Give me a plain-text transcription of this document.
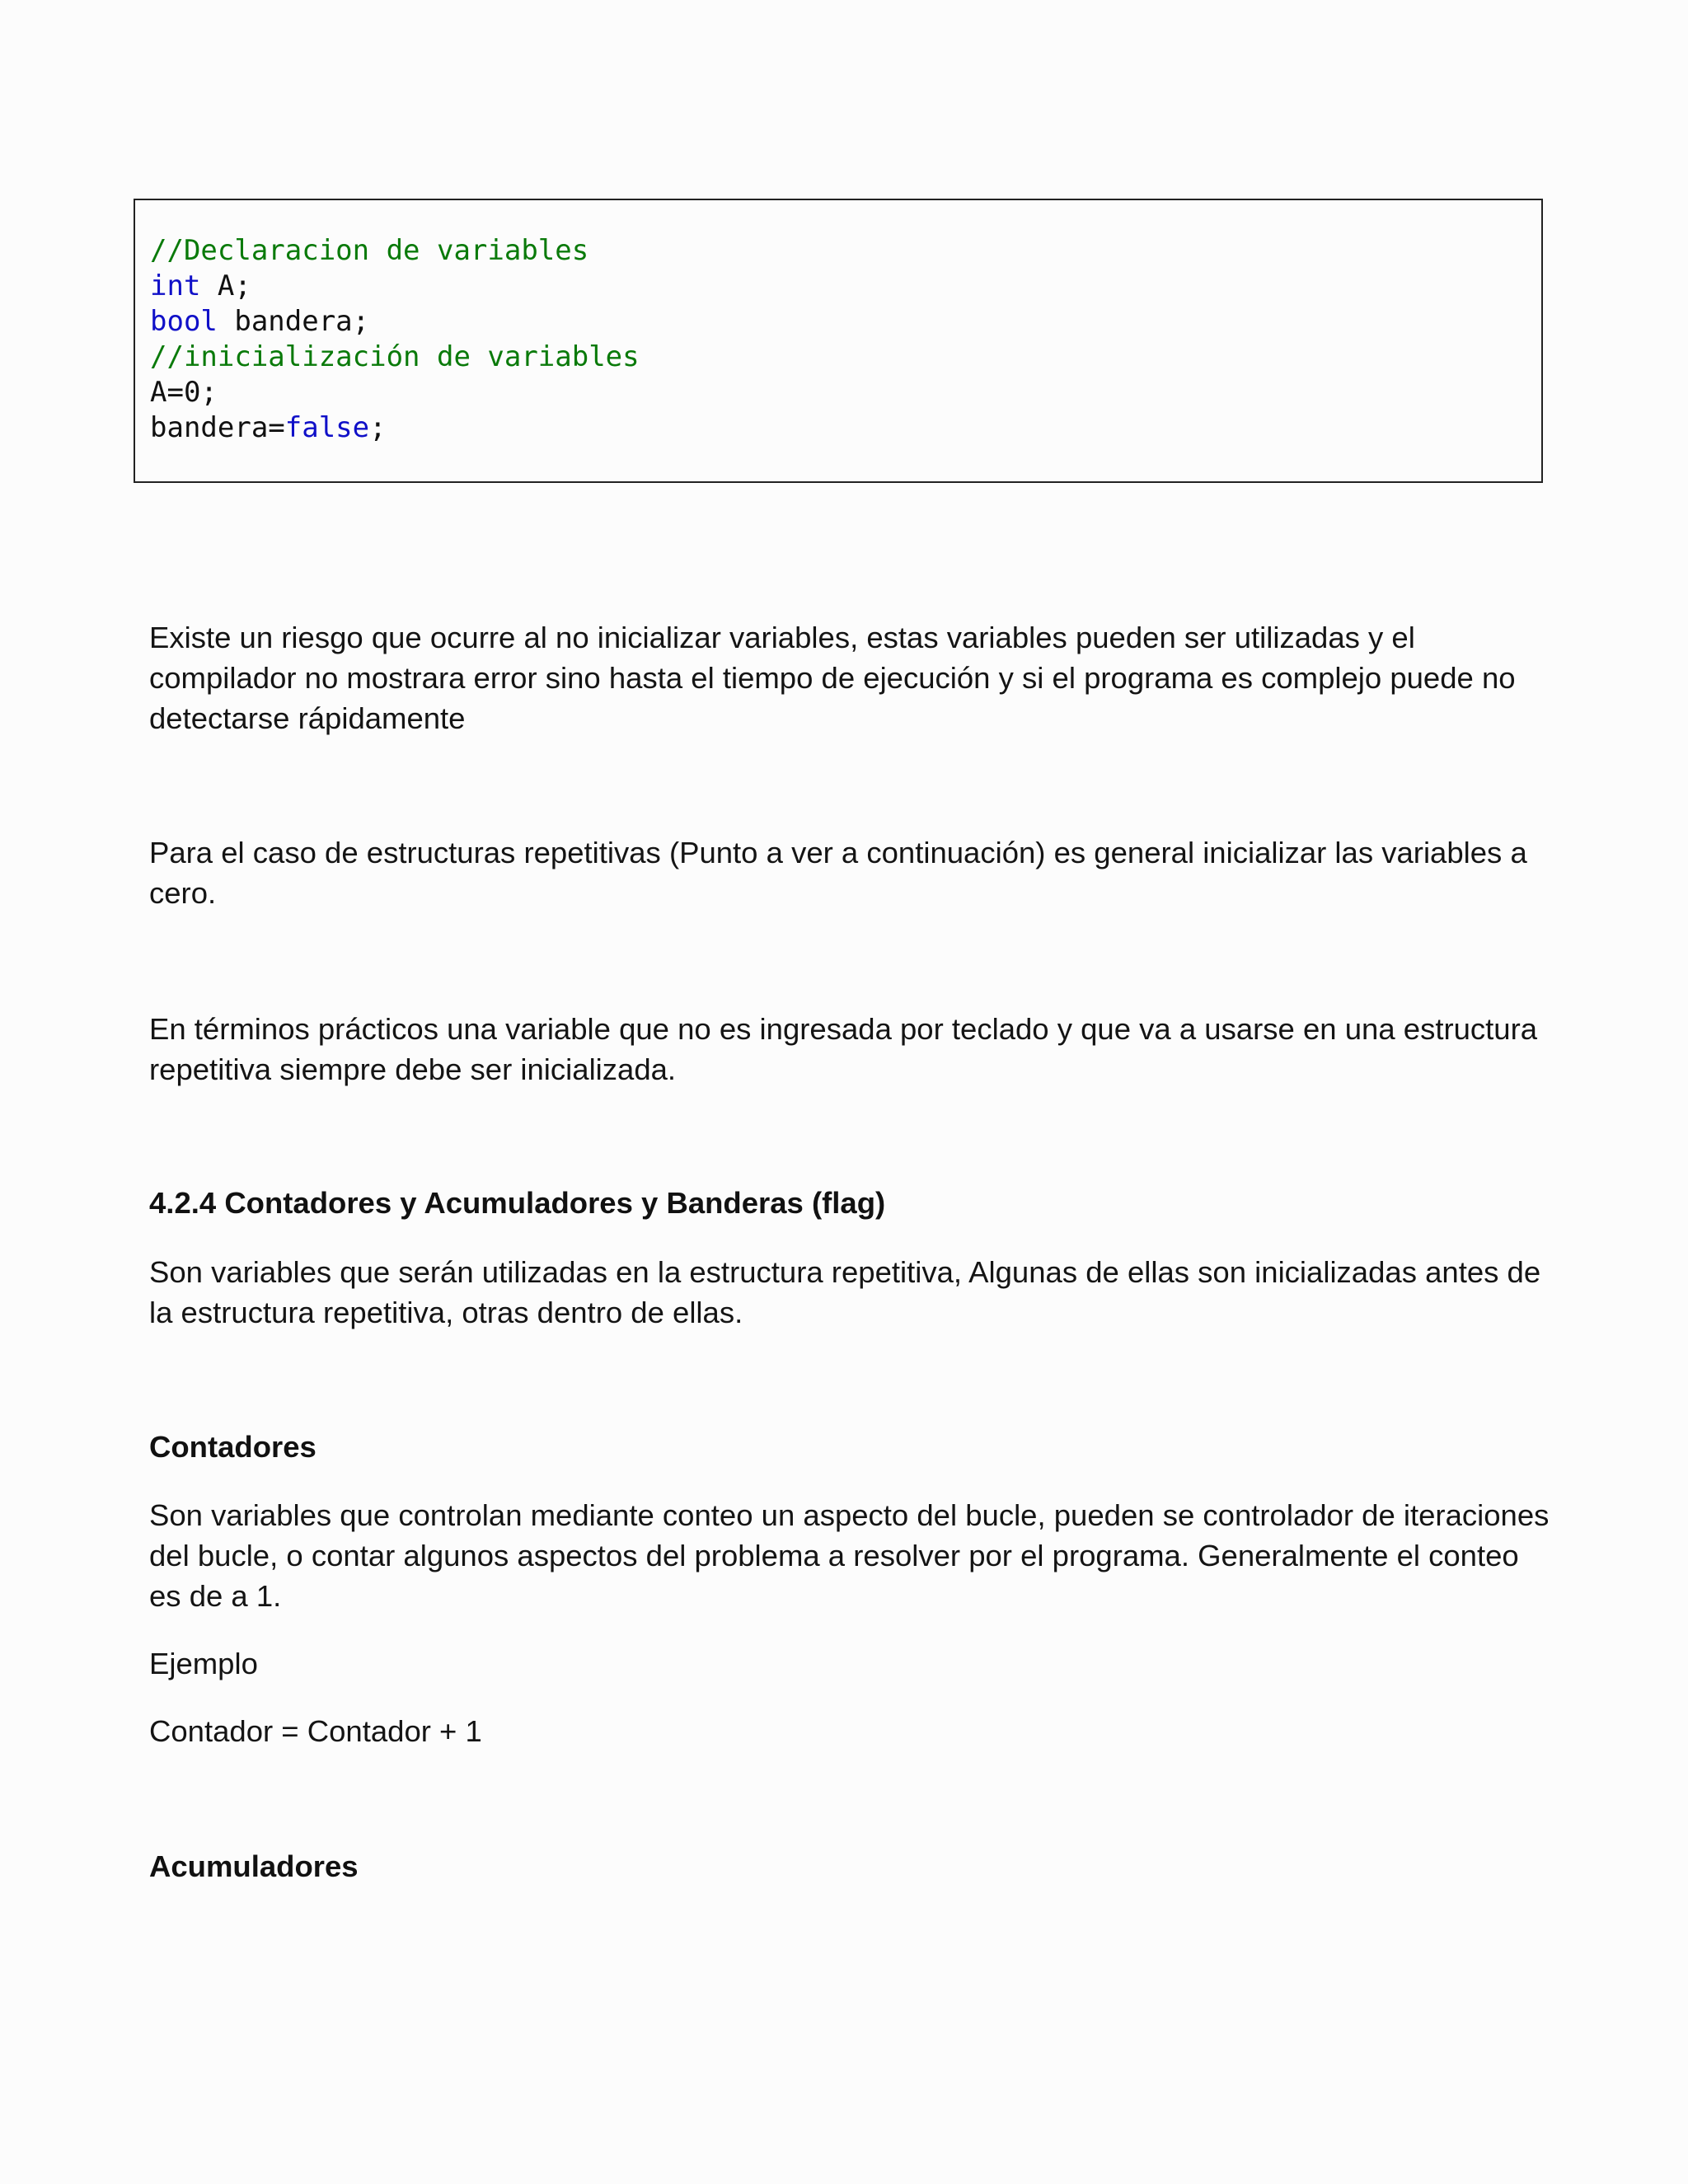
//Declaracion de variables
int A;
bool bandera;
//inicialización de variables
A=0;
bandera=false;

Existe un riesgo que ocurre al no inicializar variables, estas variables pueden ser utilizadas y el compilador no mostrara error sino hasta el tiempo de ejecución y si el programa es complejo puede no detectarse rápidamente

Para el caso de estructuras repetitivas (Punto a ver a continuación) es general inicializar las variables a cero.

En términos prácticos una variable que no es ingresada por teclado y que va a usarse en una estructura repetitiva siempre debe ser inicializada.

4.2.4 Contadores y Acumuladores y Banderas (flag)

Son variables que serán utilizadas en la estructura repetitiva, Algunas de ellas son inicializadas antes de la estructura repetitiva, otras dentro de ellas.

Contadores

Son variables que controlan mediante conteo un aspecto del bucle, pueden se controlador de iteraciones del bucle, o contar algunos aspectos del problema a resolver por el programa. Generalmente el conteo es de a 1.

Ejemplo

Contador = Contador + 1

Acumuladores
